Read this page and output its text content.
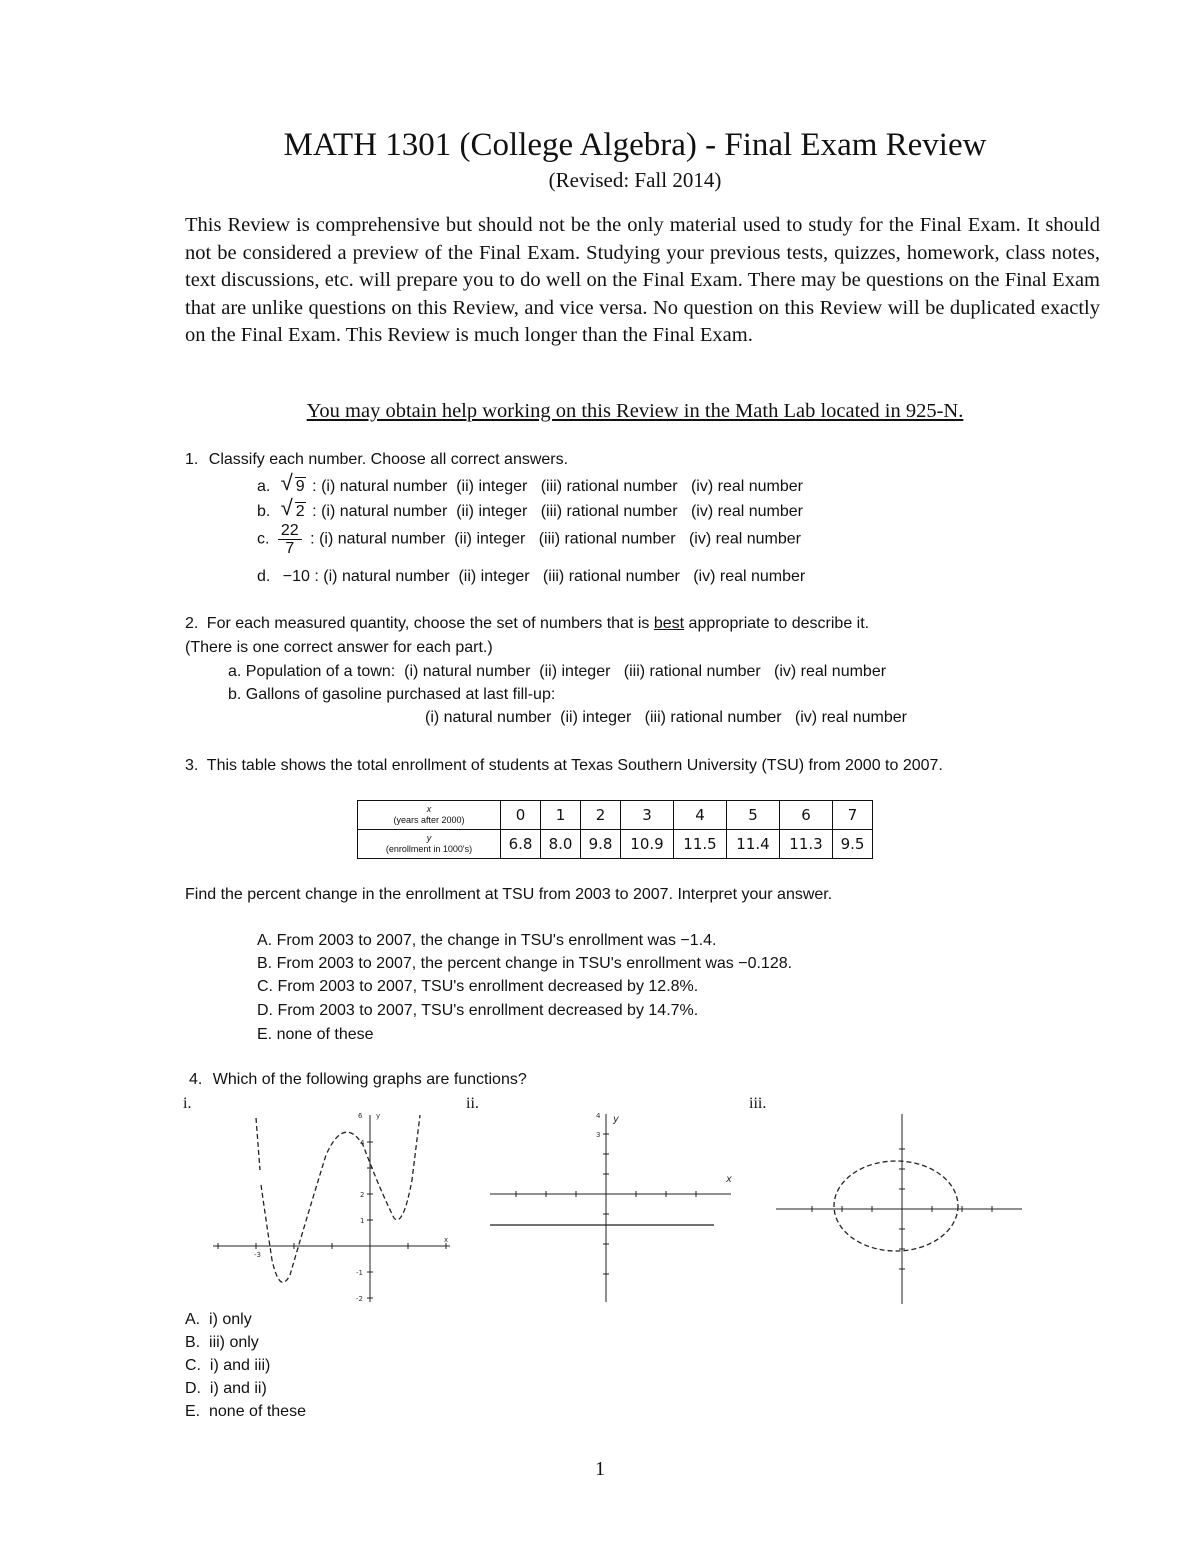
MATH 1301 (College Algebra) - Final Exam Review
(Revised: Fall 2014)
This Review is comprehensive but should not be the only material used to study for the Final Exam. It should not be considered a preview of the Final Exam. Studying your previous tests, quizzes, homework, class notes, text discussions, etc. will prepare you to do well on the Final Exam. There may be questions on the Final Exam that are unlike questions on this Review, and vice versa. No question on this Review will be duplicated exactly on the Final Exam. This Review is much longer than the Final Exam.
You may obtain help working on this Review in the Math Lab located in 925-N.
1. Classify each number. Choose all correct answers.
a. √ 9 : (i) natural number  (ii) integer   (iii) rational number   (iv) real number
b. √ 2 : (i) natural number  (ii) integer   (iii) rational number   (iv) real number
c. $\frac{22}{7}$ : (i) natural number  (ii) integer   (iii) rational number   (iv) real number
d. −10 : (i) natural number  (ii) integer   (iii) rational number   (iv) real number
2. For each measured quantity, choose the set of numbers that is best appropriate to describe it.
(There is one correct answer for each part.)
a. Population of a town:  (i) natural number  (ii) integer   (iii) rational number   (iv) real number
b. Gallons of gasoline purchased at last fill-up:
(i) natural number  (ii) integer   (iii) rational number   (iv) real number
3. This table shows the total enrollment of students at Texas Southern University (TSU) from 2000 to 2007.
x
(years after 2000)	0	1	2	3	4	5	6	7

y
(enrollment in 1000's)	6.8	8.0	9.8	10.9	11.5	11.4	11.3	9.5
Find the percent change in the enrollment at TSU from 2003 to 2007. Interpret your answer.
A. From 2003 to 2007, the change in TSU's enrollment was −1.4.
B. From 2003 to 2007, the percent change in TSU's enrollment was −0.128.
C. From 2003 to 2007, TSU's enrollment decreased by 12.8%.
D. From 2003 to 2007, TSU's enrollment decreased by 14.7%.
E. none of these
4. Which of the following graphs are functions?
i.	ii.	iii.
6 y
4
2
1
-1
-2
-3
x
4 y
3
x
A.  i) only
B.  iii) only
C.  i) and iii)
D.  i) and ii)
E.  none of these
1
